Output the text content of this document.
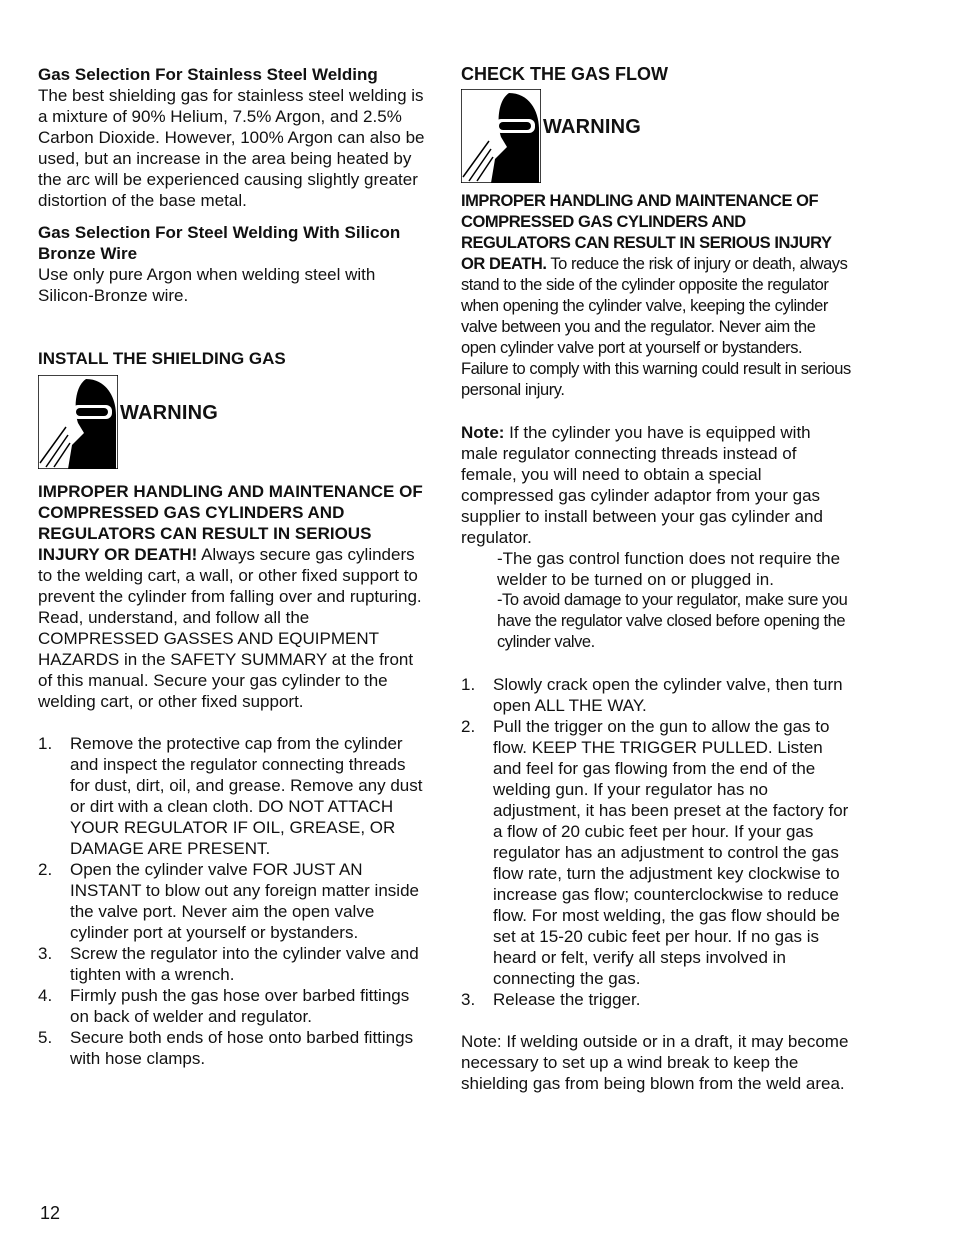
Gas Selection For Stainless Steel Welding

The best shielding gas for stainless steel welding is a mixture of 90% Helium, 7.5% Argon, and 2.5% Carbon Dioxide. However, 100% Argon can also be used, but an increase in the area being heated by the arc will be experienced causing slightly greater distortion of the base metal.

Gas Selection For Steel Welding With Silicon Bronze Wire

Use only pure Argon when welding steel with Silicon-Bronze wire.

INSTALL THE SHIELDING GAS

WARNING

IMPROPER HANDLING AND MAINTENANCE OF COMPRESSED GAS CYLINDERS AND REGULATORS CAN RESULT IN SERIOUS INJURY OR DEATH! Always secure gas cylinders to the welding cart, a wall, or other fixed support to prevent the cylinder from falling over and rupturing. Read, understand, and follow all the COMPRESSED GASSES AND EQUIPMENT HAZARDS in the SAFETY SUMMARY at the front of this manual. Secure your gas cylinder to the welding cart, or other fixed support.

1. Remove the protective cap from the cylinder and inspect the regulator connecting threads for dust, dirt, oil, and grease. Remove any dust or dirt with a clean cloth. DO NOT ATTACH YOUR REGULATOR IF OIL, GREASE, OR DAMAGE ARE PRESENT.
2. Open the cylinder valve FOR JUST AN INSTANT to blow out any foreign matter inside the valve port. Never aim the open valve cylinder port at yourself or bystanders.
3. Screw the regulator into the cylinder valve and tighten with a wrench.
4. Firmly push the gas hose over barbed fittings on back of welder and regulator.
5. Secure both ends of hose onto barbed fittings with hose clamps.

CHECK THE GAS FLOW

WARNING

IMPROPER HANDLING AND MAINTENANCE OF COMPRESSED GAS CYLINDERS AND REGULATORS CAN RESULT IN SERIOUS INJURY OR DEATH. To reduce the risk of injury or death, always stand to the side of the cylinder opposite the regulator when opening the cylinder valve, keeping the cylinder valve between you and the regulator. Never aim the open cylinder valve port at yourself or bystanders. Failure to comply with this warning could result in serious personal injury.

Note: If the cylinder you have is equipped with male regulator connecting threads instead of female, you will need to obtain a special compressed gas cylinder adaptor from your gas supplier to install between your gas cylinder and regulator.

-The gas control function does not require the welder to be turned on or plugged in.

-To avoid damage to your regulator, make sure you have the regulator valve closed before opening the cylinder valve.

1. Slowly crack open the cylinder valve, then turn open ALL THE WAY.
2. Pull the trigger on the gun to allow the gas to flow. KEEP THE TRIGGER PULLED. Listen and feel for gas flowing from the end of the welding gun. If your regulator has no adjustment, it has been preset at the factory for a flow of 20 cubic feet per hour. If your gas regulator has an adjustment to control the gas flow rate, turn the adjustment key clockwise to increase gas flow; counterclockwise to reduce flow. For most welding, the gas flow should be set at 15-20 cubic feet per hour. If no gas is heard or felt, verify all steps involved in connecting the gas.
3. Release the trigger.

Note: If welding outside or in a draft, it may become necessary to set up a wind break to keep the shielding gas from being blown from the weld area.

12
